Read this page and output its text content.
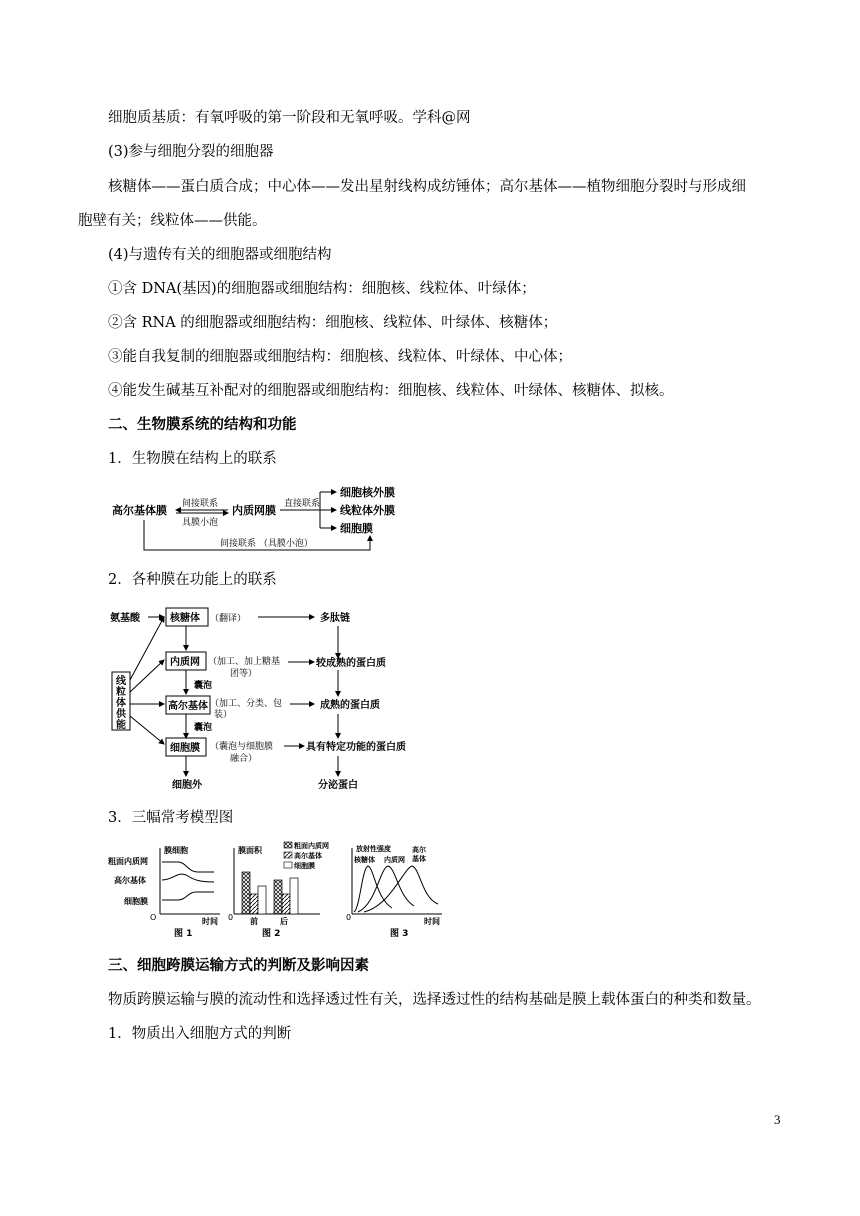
细胞质基质：有氧呼吸的第一阶段和无氧呼吸。学科@网
(3)参与细胞分裂的细胞器
核糖体——蛋白质合成；中心体——发出星射线构成纺锤体；高尔基体——植物细胞分裂时与形成细
胞壁有关；线粒体——供能。
(4)与遗传有关的细胞器或细胞结构
①含 DNA(基因)的细胞器或细胞结构：细胞核、线粒体、叶绿体；
②含 RNA 的细胞器或细胞结构：细胞核、线粒体、叶绿体、核糖体；
③能自我复制的细胞器或细胞结构：细胞核、线粒体、叶绿体、中心体；
④能发生碱基互补配对的细胞器或细胞结构：细胞核、线粒体、叶绿体、核糖体、拟核。
二、生物膜系统的结构和功能
1．生物膜在结构上的联系
高尔基体膜 间接联系
具膜小泡
内质网膜 直接联系
细胞核外膜
线粒体外膜
细胞膜
间接联系 （具膜小泡）
2．各种膜在功能上的联系
氨基酸	核糖体 （翻译）	多肽链
线粒体供能
内质网 （加工、加上糖基
团等）
较成熟的蛋白质
囊泡
高尔基体 （加工、分类、包
装）
成熟的蛋白质
囊泡
细胞膜 （囊泡与细胞膜
融合）
具有特定功能的蛋白质
细胞外	分泌蛋白
3．三幅常考模型图
膜细胞
粗面内质网
高尔基体
细胞膜
O	时间
图 1
膜面积	粗面内质网
高尔基体
细胞膜
0 前	后
图 2
放射性强度
核糖体 内质网
高尔
基体
0	时间
图 3
三、细胞跨膜运输方式的判断及影响因素
物质跨膜运输与膜的流动性和选择透过性有关，选择透过性的结构基础是膜上载体蛋白的种类和数量。
1．物质出入细胞方式的判断
3
